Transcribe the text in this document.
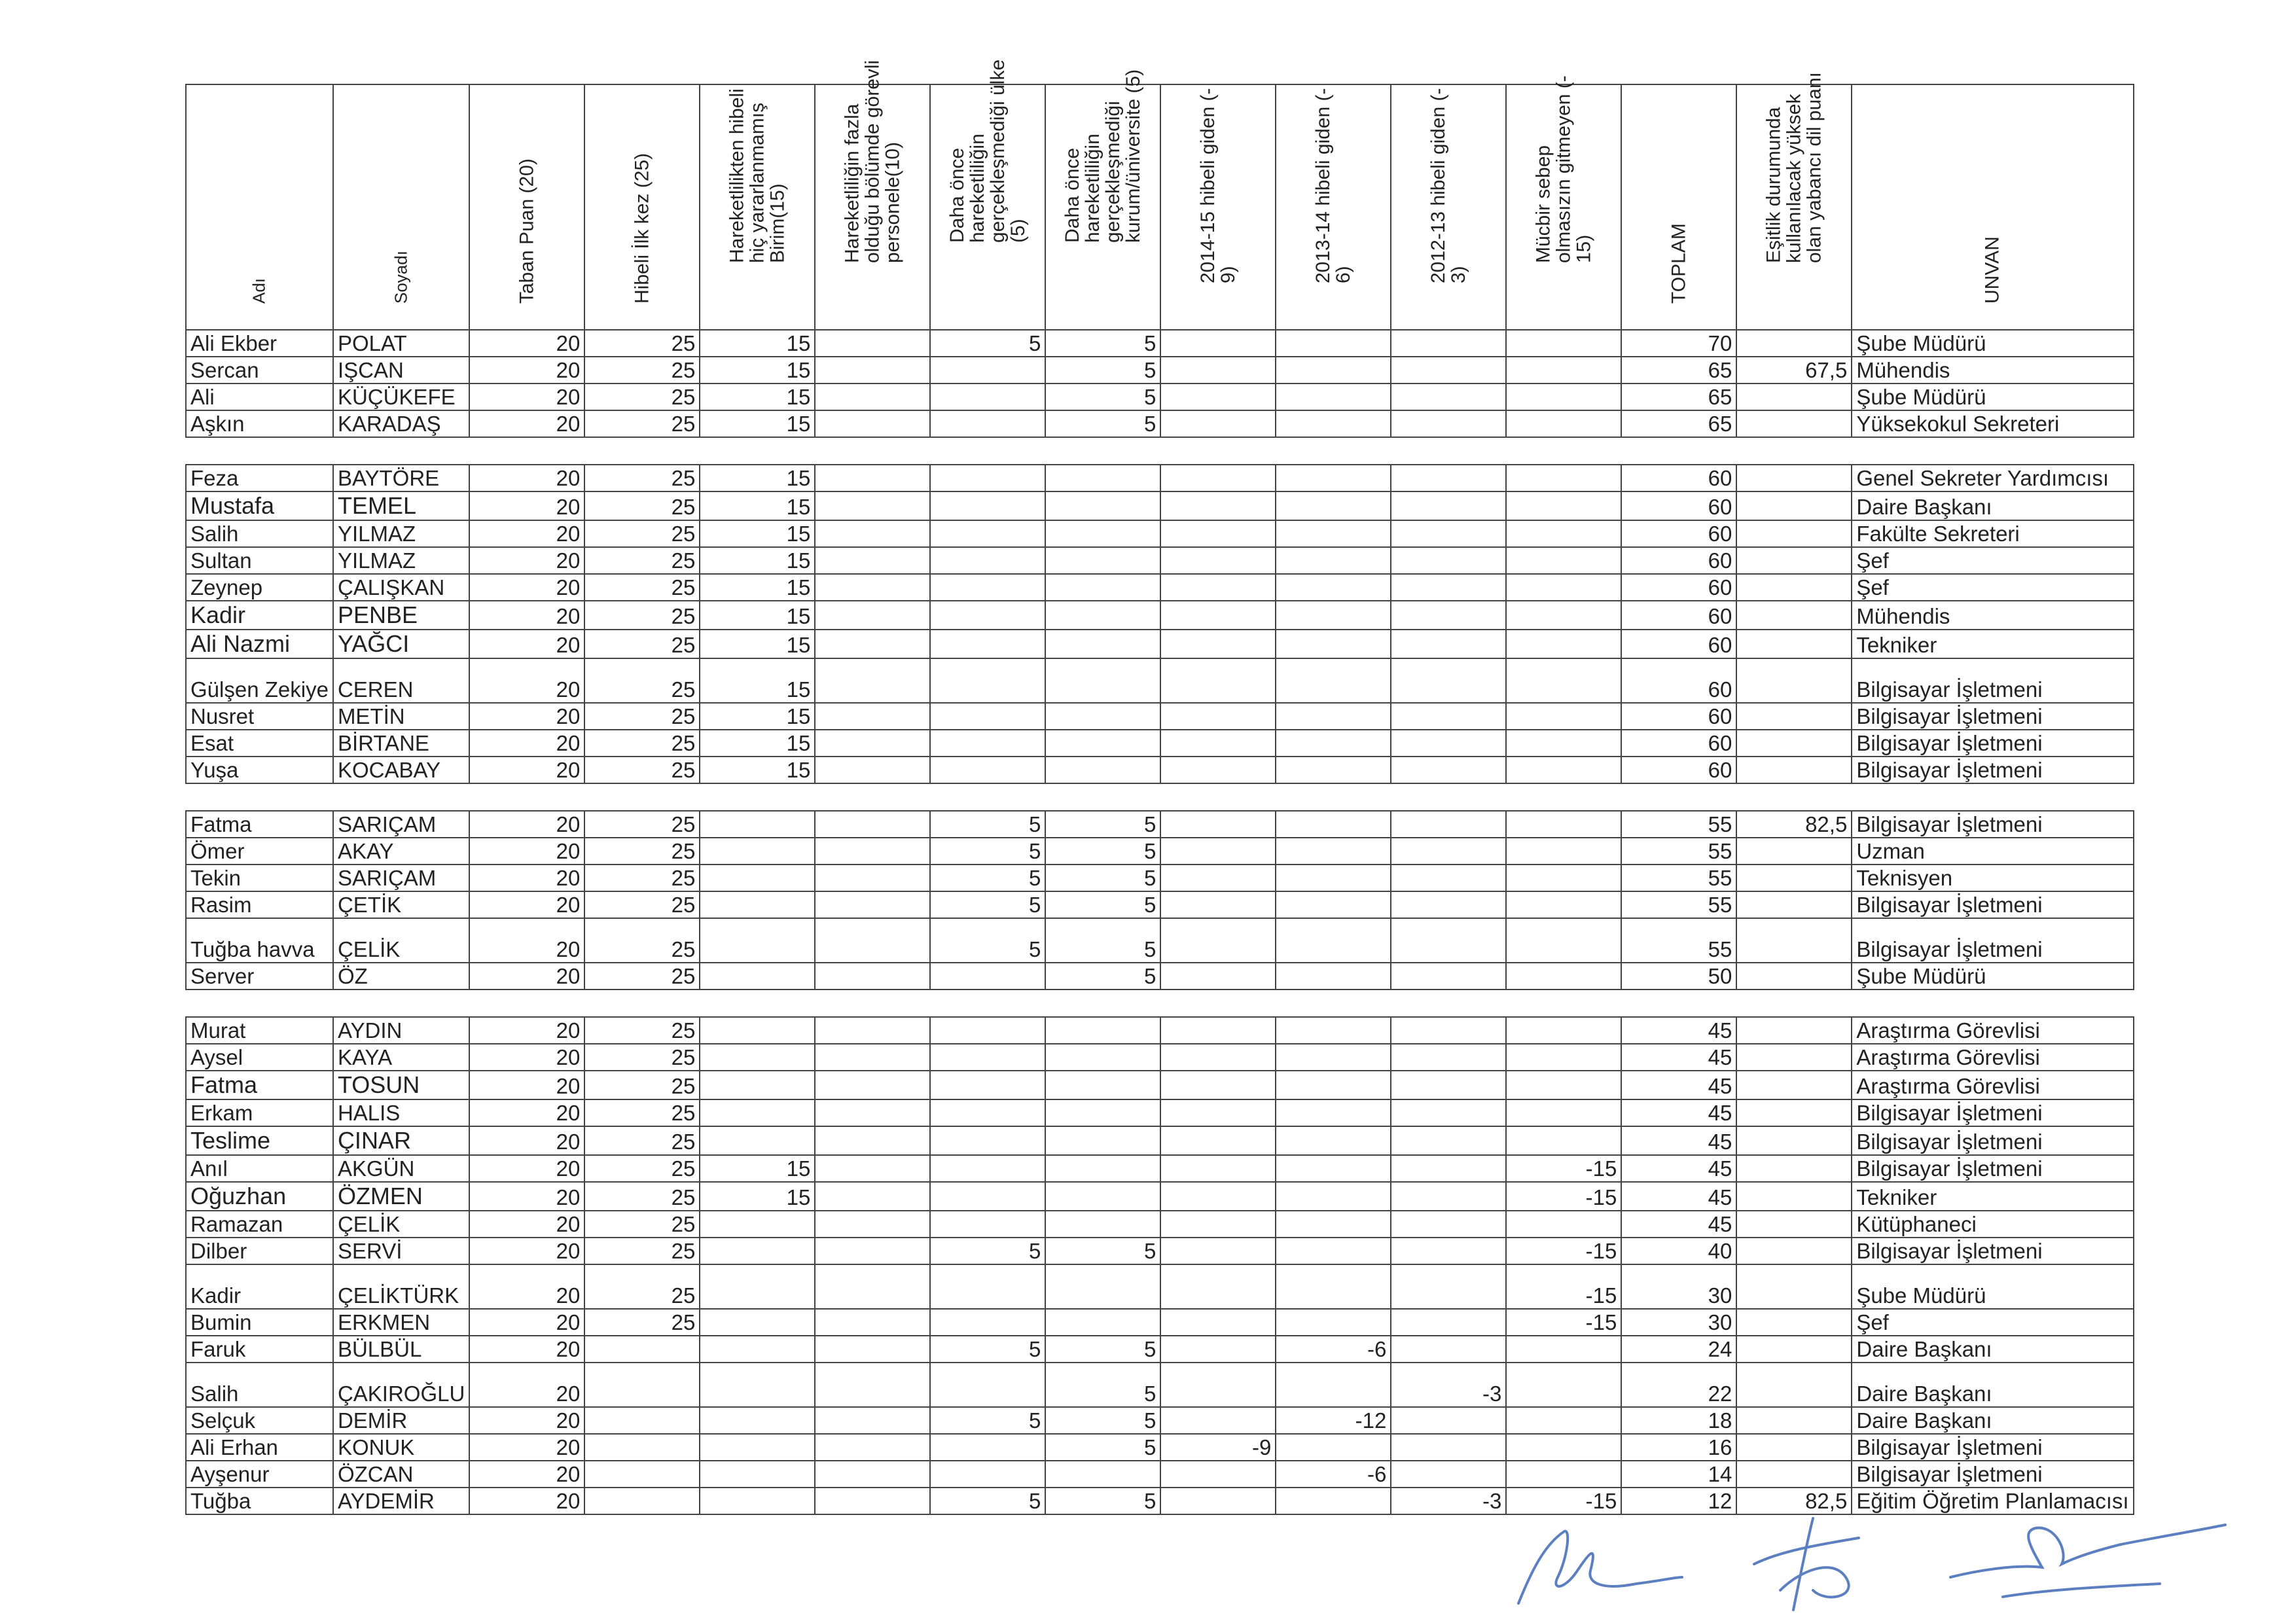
Adı	Soyadı	Taban Puan (20)	Hibeli İlk kez (25)	Hareketlilikten hibeli
hiç yararlanmamış
Birim(15)	Hareketliliğin fazla
olduğu bölümde görevli
personele(10)	Daha önce
hareketliliğin
gerçekleşmediği ülke
(5)	Daha önce
hareketliliğin
gerçekleşmediği
kurum/üniversite (5)	2014-15 hibeli giden (-
9)	2013-14 hibeli giden (-
6)	2012-13 hibeli giden (-
3)	Mücbir sebep
olmasızın gitmeyen (-
15)	TOPLAM	Eşitlik durumunda
kullanılacak yüksek
olan yabancı dil puanı	UNVAN

Ali Ekber	POLAT	20	25	15		5	5					70		Şube Müdürü
Sercan	IŞCAN	20	25	15			5					65	67,5	Mühendis
Ali	KÜÇÜKEFE	20	25	15			5					65		Şube Müdürü
Aşkın	KARADAŞ	20	25	15			5					65		Yüksekokul Sekreteri

Feza	BAYTÖRE	20	25	15								60		Genel Sekreter Yardımcısı
Mustafa	TEMEL	20	25	15								60		Daire Başkanı
Salih	YILMAZ	20	25	15								60		Fakülte Sekreteri
Sultan	YILMAZ	20	25	15								60		Şef
Zeynep	ÇALIŞKAN	20	25	15								60		Şef
Kadir	PENBE	20	25	15								60		Mühendis
Ali Nazmi	YAĞCI	20	25	15								60		Tekniker
Gülşen Zekiye	CEREN	20	25	15								60		Bilgisayar İşletmeni
Nusret	METİN	20	25	15								60		Bilgisayar İşletmeni
Esat	BİRTANE	20	25	15								60		Bilgisayar İşletmeni
Yuşa	KOCABAY	20	25	15								60		Bilgisayar İşletmeni

Fatma	SARIÇAM	20	25			5	5					55	82,5	Bilgisayar İşletmeni
Ömer	AKAY	20	25			5	5					55		Uzman
Tekin	SARIÇAM	20	25			5	5					55		Teknisyen
Rasim	ÇETİK	20	25			5	5					55		Bilgisayar İşletmeni
Tuğba havva	ÇELİK	20	25			5	5					55		Bilgisayar İşletmeni
Server	ÖZ	20	25				5					50		Şube Müdürü

Murat	AYDIN	20	25									45		Araştırma Görevlisi
Aysel	KAYA	20	25									45		Araştırma Görevlisi
Fatma	TOSUN	20	25									45		Araştırma Görevlisi
Erkam	HALIS	20	25									45		Bilgisayar İşletmeni
Teslime	ÇINAR	20	25									45		Bilgisayar İşletmeni
Anıl	AKGÜN	20	25	15							-15	45		Bilgisayar İşletmeni
Oğuzhan	ÖZMEN	20	25	15							-15	45		Tekniker
Ramazan	ÇELİK	20	25									45		Kütüphaneci
Dilber	SERVİ	20	25			5	5				-15	40		Bilgisayar İşletmeni
Kadir	ÇELİKTÜRK	20	25								-15	30		Şube Müdürü
Bumin	ERKMEN	20	25								-15	30		Şef
Faruk	BÜLBÜL	20				5	5		-6			24		Daire Başkanı
Salih	ÇAKIROĞLU	20					5			-3		22		Daire Başkanı
Selçuk	DEMİR	20				5	5		-12			18		Daire Başkanı
Ali Erhan	KONUK	20					5	-9				16		Bilgisayar İşletmeni
Ayşenur	ÖZCAN	20							-6			14		Bilgisayar İşletmeni
Tuğba	AYDEMİR	20				5	5			-3	-15	12	82,5	Eğitim Öğretim Planlamacısı
